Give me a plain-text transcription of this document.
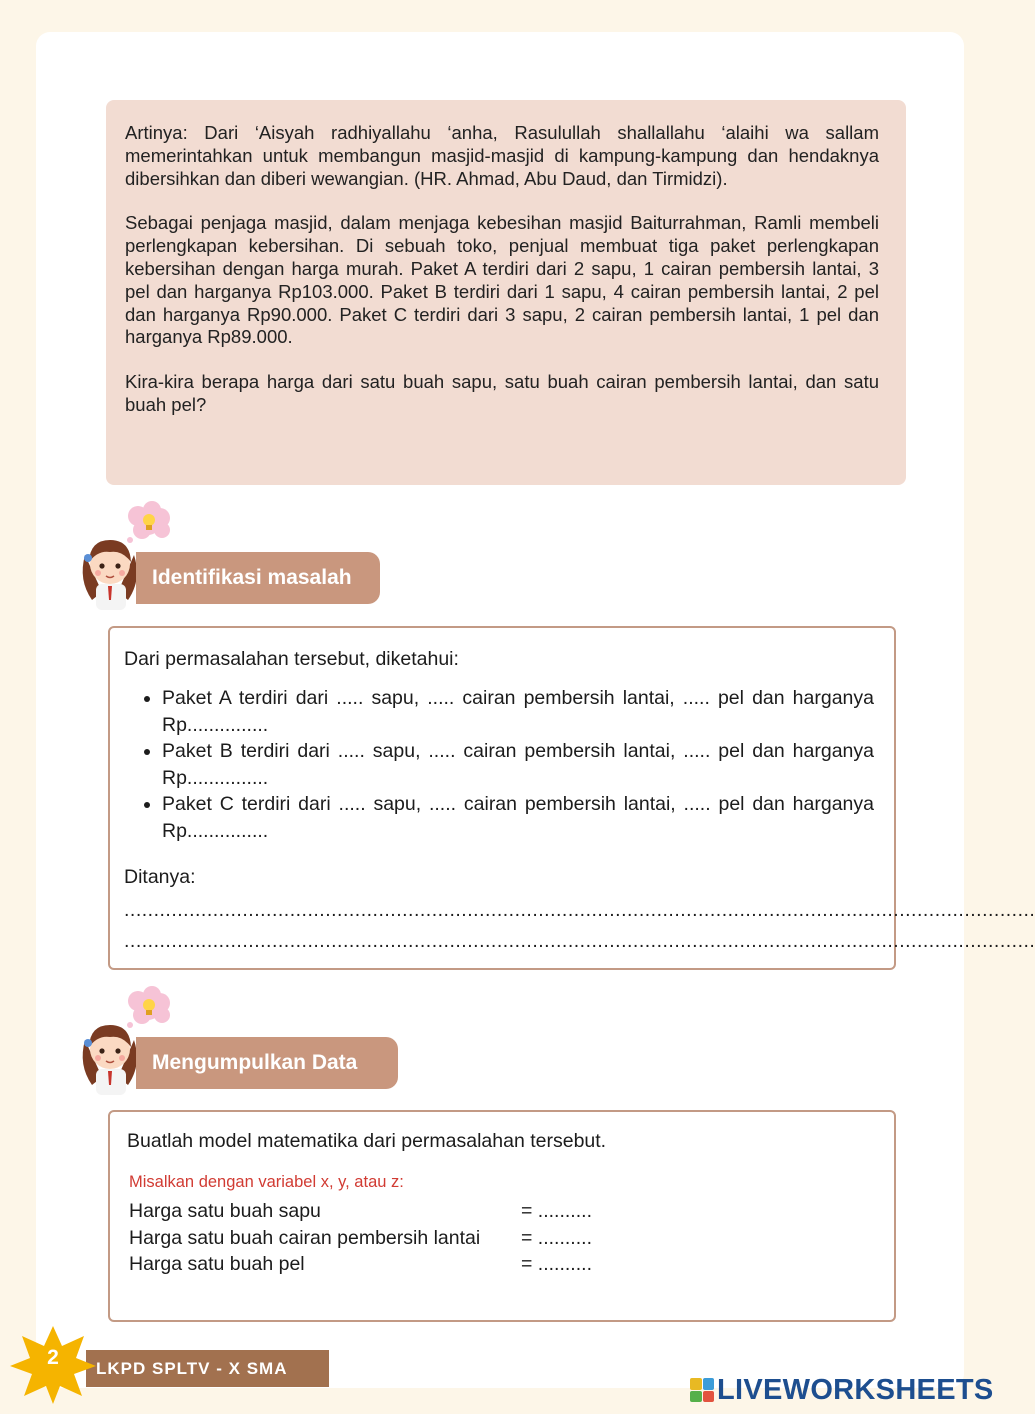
Artinya: Dari ‘Aisyah radhiyallahu ‘anha, Rasulullah shallallahu ‘alaihi wa sallam memerintahkan untuk membangun masjid-masjid di kampung-kampung dan hendaknya dibersihkan dan diberi wewangian. (HR. Ahmad, Abu Daud, dan Tirmidzi).

Sebagai penjaga masjid, dalam menjaga kebesihan masjid Baiturrahman, Ramli membeli perlengkapan kebersihan. Di sebuah toko, penjual membuat tiga paket perlengkapan kebersihan dengan harga murah. Paket A terdiri dari 2 sapu, 1 cairan pembersih lantai, 3 pel dan harganya Rp103.000. Paket B terdiri dari 1 sapu, 4 cairan pembersih lantai, 2 pel dan harganya Rp90.000. Paket C terdiri dari 3 sapu, 2 cairan pembersih lantai, 1 pel dan harganya Rp89.000.

Kira-kira berapa harga dari satu buah sapu, satu buah cairan pembersih lantai, dan satu buah pel?

Identifikasi masalah
Dari permasalahan tersebut, diketahui:
• Paket A terdiri dari ..... sapu, ..... cairan pembersih lantai, ..... pel dan harganya Rp...............
• Paket B terdiri dari ..... sapu, ..... cairan pembersih lantai, ..... pel dan harganya Rp...............
• Paket C terdiri dari ..... sapu, ..... cairan pembersih lantai, ..... pel dan harganya Rp...............
Ditanya:
..........................................................................................................................................................
..........................................................................................................................................................
Mengumpulkan Data
Buatlah model matematika dari permasalahan tersebut.
Misalkan dengan variabel x, y, atau z:
Harga satu buah sapu	= ..........
Harga satu buah cairan pembersih lantai	= ..........
Harga satu buah pel	= ..........
LKPD SPLTV - X SMA
2
LIVEWORKSHEETS
